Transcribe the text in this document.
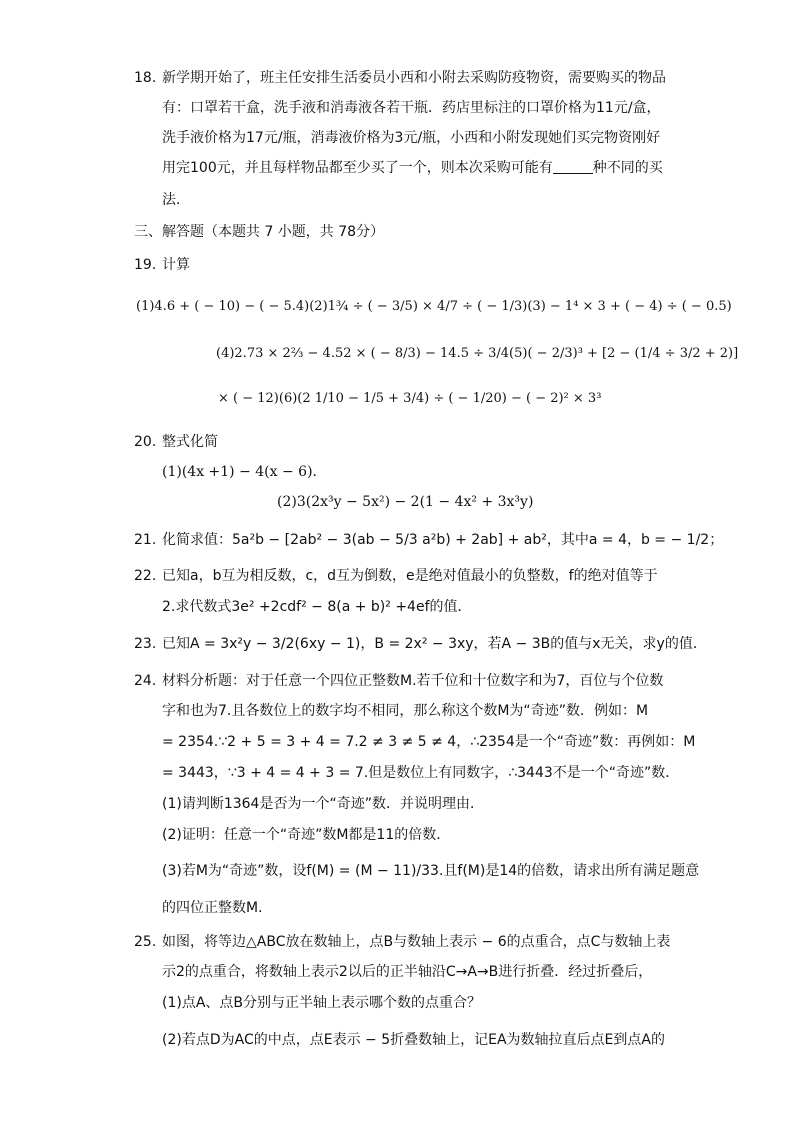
18. 新学期开始了，班主任安排生活委员小西和小附去采购防疫物资，需要购买的物品
有：口罩若干盒，洗手液和消毒液各若干瓶．药店里标注的口罩价格为11元/盒，
洗手液价格为17元/瓶，消毒液价格为3元/瓶，小西和小附发现她们买完物资刚好
用完100元，并且每样物品都至少买了一个，则本次采购可能有	种不同的买
法．
三、解答题（本题共 7 小题，共 78分）
19. 计算
(1)4.6 + ( − 10) − ( − 5.4)(2)1¾ ÷ ( − 3/5) × 4/7 ÷ ( − 1/3)(3) − 1⁴ × 3 + ( − 4) ÷ ( − 0.5)
(4)2.73 × 2⅔ − 4.52 × ( − 8/3) − 14.5 ÷ 3/4(5)( − 2/3)³ + [2 − (1/4 ÷ 3/2 + 2)]
× ( − 12)(6)(2 1/10 − 1/5 + 3/4) ÷ ( − 1/20) − ( − 2)² × 3³
20. 整式化简
(1)(4x +1) − 4(x − 6)．
(2)3(2x³y − 5x²) − 2(1 − 4x² + 3x³y)
21. 化简求值：5a²b − [2ab² − 3(ab − 5/3 a²b) + 2ab] + ab²，其中a = 4，b = − 1/2；
22. 已知a，b互为相反数，c，d互为倒数，e是绝对值最小的负整数，f的绝对值等于
2.求代数式3e² +2cdf² − 8(a + b)² +4ef的值．
23. 已知A = 3x²y − 3/2(6xy − 1)，B = 2x² − 3xy，若A − 3B的值与x无关，求y的值．
24. 材料分析题：对于任意一个四位正整数M.若千位和十位数字和为7，百位与个位数
字和也为7.且各数位上的数字均不相同，那么称这个数M为“奇迹”数．例如：M
= 2354.∵2 + 5 = 3 + 4 = 7.2 ≠ 3 ≠ 5 ≠ 4，∴2354是一个“奇迹”数：再例如：M
= 3443，∵3 + 4 = 4 + 3 = 7.但是数位上有同数字，∴3443不是一个“奇迹”数．
(1)请判断1364是否为一个“奇迹”数．并说明理由．
(2)证明：任意一个“奇迹”数M都是11的倍数．
(3)若M为“奇迹”数，设f(M) = (M − 11)/33.且f(M)是14的倍数，请求出所有满足题意
的四位正整数M．
25. 如图，将等边△ABC放在数轴上，点B与数轴上表示 − 6的点重合，点C与数轴上表
示2的点重合，将数轴上表示2以后的正半轴沿C→A→B进行折叠．经过折叠后，
(1)点A、点B分别与正半轴上表示哪个数的点重合？
(2)若点D为AC的中点，点E表示 − 5折叠数轴上，记EA为数轴拉直后点E到点A的
